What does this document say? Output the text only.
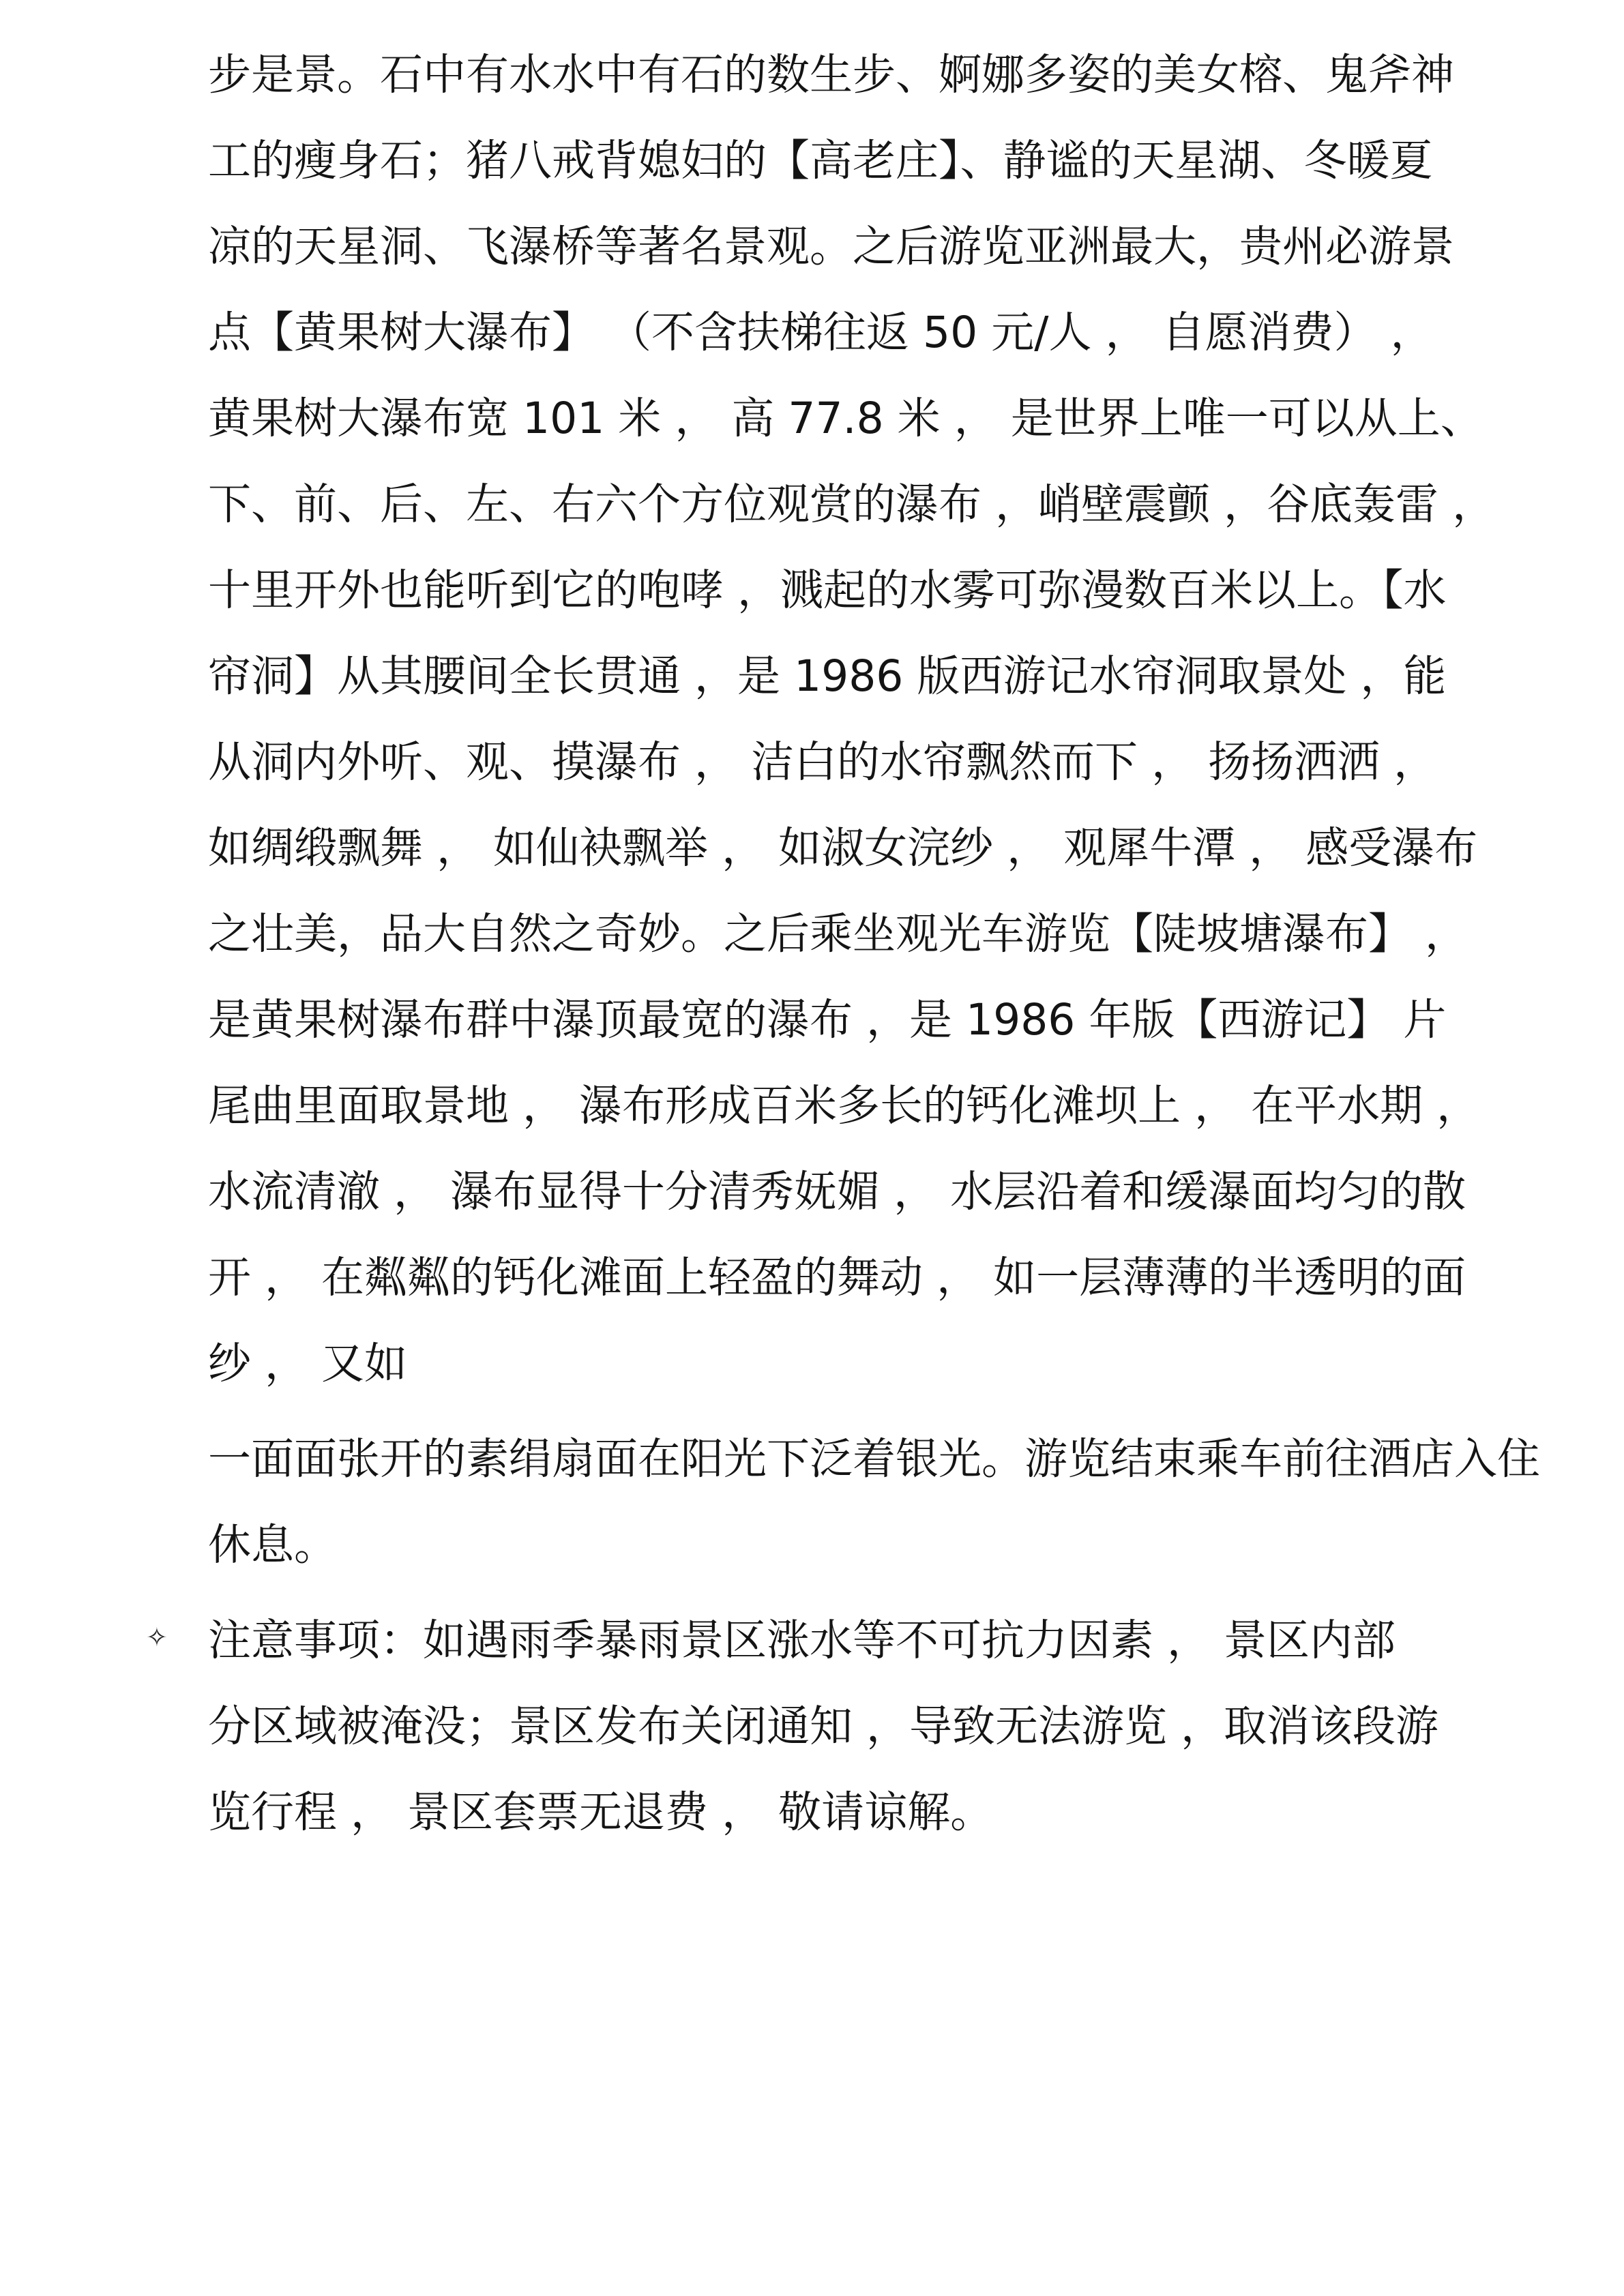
步是景。石中有水水中有石的数生步、婀娜多姿的美女榕、鬼斧神
工的瘦身石；猪八戒背媳妇的【高老庄】、静谧的天星湖、冬暖夏
凉的天星洞、飞瀑桥等著名景观。之后游览亚洲最大，贵州必游景
点【黄果树大瀑布】 （不含扶梯往返 50 元/人 ， 自愿消费） ，
黄果树大瀑布宽 101 米 ， 高 77.8 米 ， 是世界上唯一可以从上、
下、前、后、左、右六个方位观赏的瀑布 ，峭壁震颤 ，谷底轰雷 ，
十里开外也能听到它的咆哮 ，溅起的水雾可弥漫数百米以上。【水
帘洞】从其腰间全长贯通 ，是 1986 版西游记水帘洞取景处 ，能
从洞内外听、观、摸瀑布 ， 洁白的水帘飘然而下 ， 扬扬洒洒 ，
如绸缎飘舞 ， 如仙袂飘举 ， 如淑女浣纱 ， 观犀牛潭 ， 感受瀑布
之壮美，品大自然之奇妙。之后乘坐观光车游览【陡坡塘瀑布】 ，
是黄果树瀑布群中瀑顶最宽的瀑布 ，是 1986 年版【西游记】 片
尾曲里面取景地 ， 瀑布形成百米多长的钙化滩坝上 ， 在平水期 ，
水流清澈 ， 瀑布显得十分清秀妩媚 ， 水层沿着和缓瀑面均匀的散
开 ， 在粼粼的钙化滩面上轻盈的舞动 ， 如一层薄薄的半透明的面
纱 ， 又如
一面面张开的素绢扇面在阳光下泛着银光。游览结束乘车前往酒店入住
休息。
✧ 注意事项：如遇雨季暴雨景区涨水等不可抗力因素 ， 景区内部
分区域被淹没；景区发布关闭通知 ，导致无法游览 ，取消该段游
览行程 ， 景区套票无退费 ， 敬请谅解。
